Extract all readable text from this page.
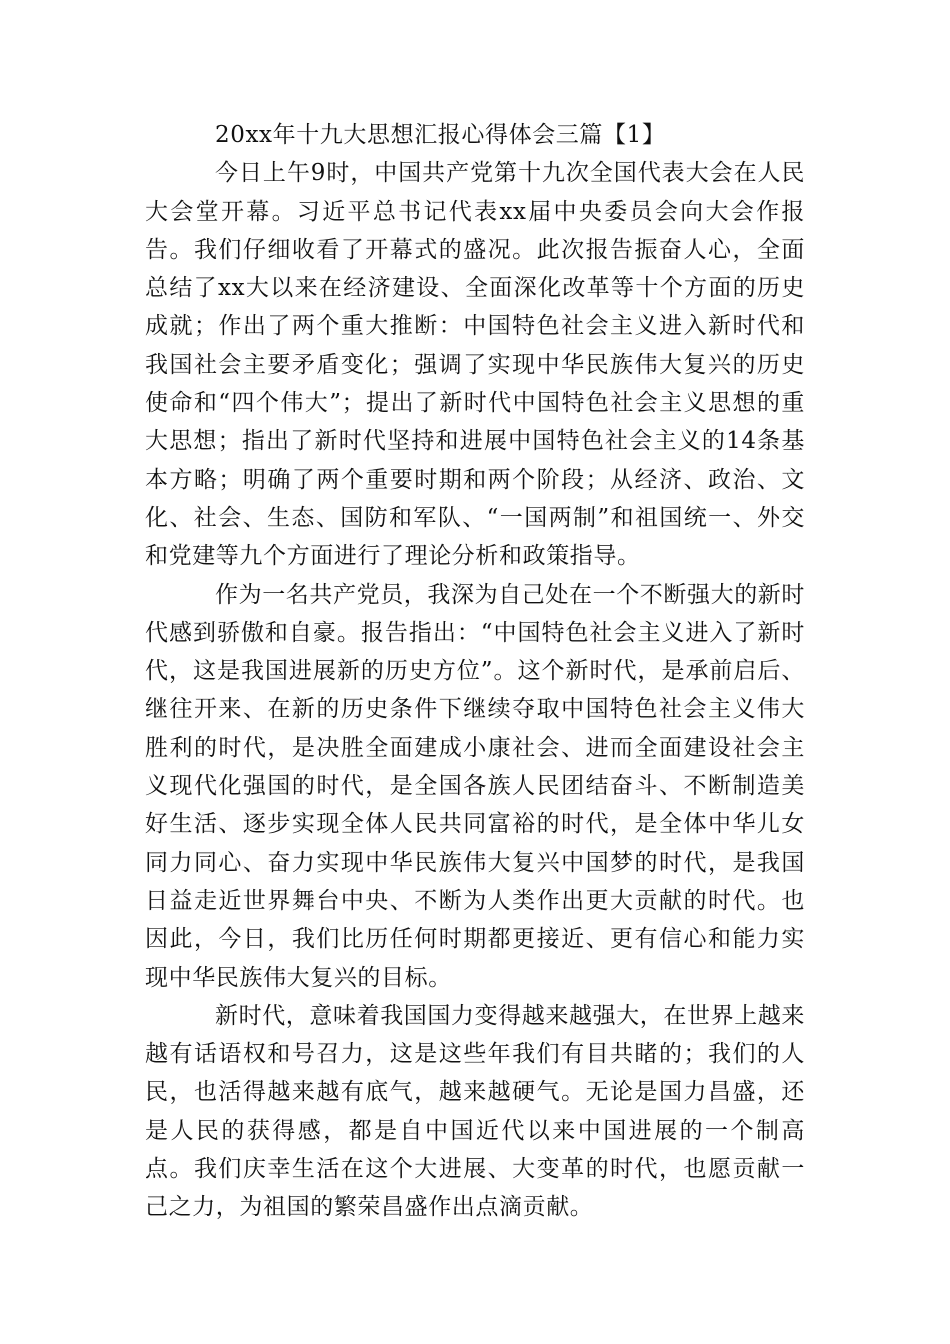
20xx年十九大思想汇报心得体会三篇【1】

今日上午9时，中国共产党第十九次全国代表大会在人民大会堂开幕。习近平总书记代表xx届中央委员会向大会作报告。我们仔细收看了开幕式的盛况。此次报告振奋人心，全面总结了xx大以来在经济建设、全面深化改革等十个方面的历史成就；作出了两个重大推断：中国特色社会主义进入新时代和我国社会主要矛盾变化；强调了实现中华民族伟大复兴的历史使命和“四个伟大”；提出了新时代中国特色社会主义思想的重大思想；指出了新时代坚持和进展中国特色社会主义的14条基本方略；明确了两个重要时期和两个阶段；从经济、政治、文化、社会、生态、国防和军队、“一国两制”和祖国统一、外交和党建等九个方面进行了理论分析和政策指导。

作为一名共产党员，我深为自己处在一个不断强大的新时代感到骄傲和自豪。报告指出：“中国特色社会主义进入了新时代，这是我国进展新的历史方位”。这个新时代，是承前启后、继往开来、在新的历史条件下继续夺取中国特色社会主义伟大胜利的时代，是决胜全面建成小康社会、进而全面建设社会主义现代化强国的时代，是全国各族人民团结奋斗、不断制造美好生活、逐步实现全体人民共同富裕的时代，是全体中华儿女同力同心、奋力实现中华民族伟大复兴中国梦的时代，是我国日益走近世界舞台中央、不断为人类作出更大贡献的时代。也因此，今日，我们比历任何时期都更接近、更有信心和能力实现中华民族伟大复兴的目标。

新时代，意味着我国国力变得越来越强大，在世界上越来越有话语权和号召力，这是这些年我们有目共睹的；我们的人民，也活得越来越有底气，越来越硬气。无论是国力昌盛，还是人民的获得感，都是自中国近代以来中国进展的一个制高点。我们庆幸生活在这个大进展、大变革的时代，也愿贡献一己之力，为祖国的繁荣昌盛作出点滴贡献。
